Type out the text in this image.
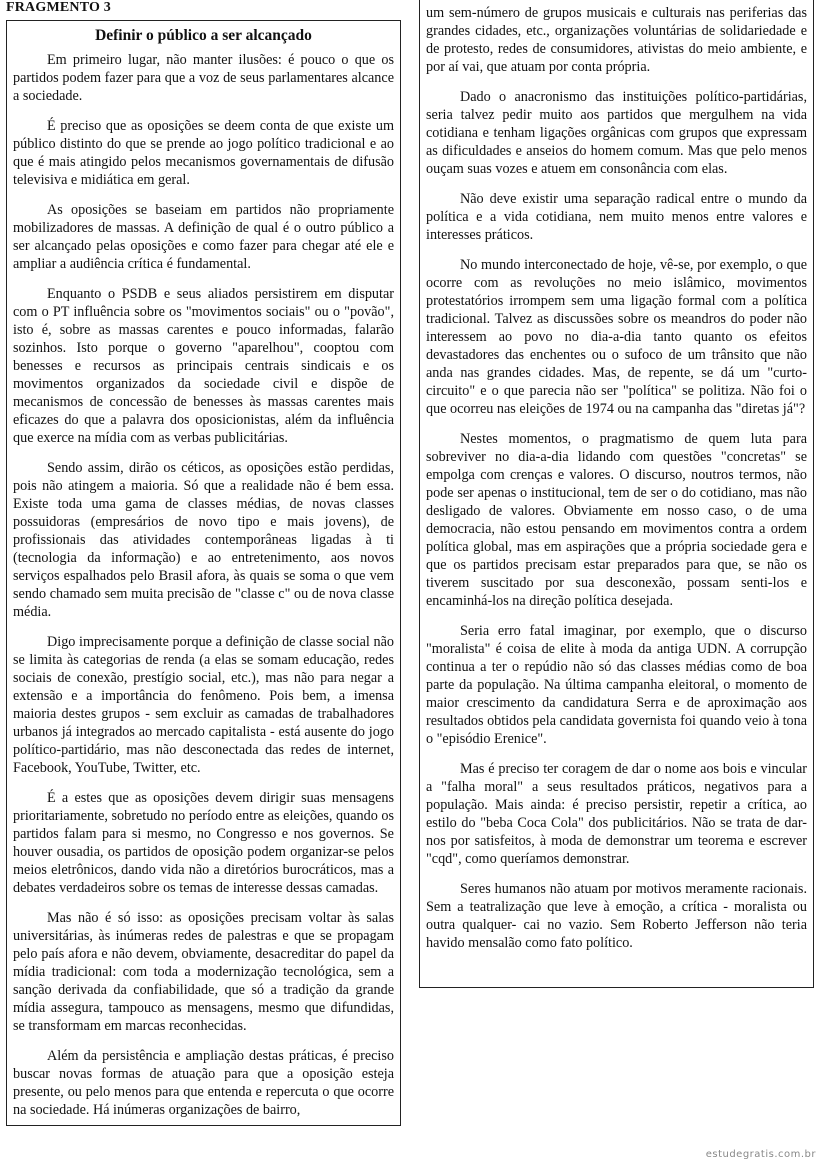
FRAGMENTO 3
Definir o público a ser alcançado

Em primeiro lugar, não manter ilusões: é pouco o que os partidos podem fazer para que a voz de seus parlamentares alcance a sociedade.

É preciso que as oposições se deem conta de que existe um público distinto do que se prende ao jogo político tradicional e ao que é mais atingido pelos mecanismos governamentais de difusão televisiva e midiática em geral.

As oposições se baseiam em partidos não propriamente mobilizadores de massas. A definição de qual é o outro público a ser alcançado pelas oposições e como fazer para chegar até ele e ampliar a audiência crítica é fundamental.

Enquanto o PSDB e seus aliados persistirem em disputar com o PT influência sobre os "movimentos sociais" ou o "povão", isto é, sobre as massas carentes e pouco informadas, falarão sozinhos. Isto porque o governo "aparelhou", cooptou com benesses e recursos as principais centrais sindicais e os movimentos organizados da sociedade civil e dispõe de mecanismos de concessão de benesses às massas carentes mais eficazes do que a palavra dos oposicionistas, além da influência que exerce na mídia com as verbas publicitárias.

Sendo assim, dirão os céticos, as oposições estão perdidas, pois não atingem a maioria. Só que a realidade não é bem essa. Existe toda uma gama de classes médias, de novas classes possuidoras (empresários de novo tipo e mais jovens), de profissionais das atividades contemporâneas ligadas à ti (tecnologia da informação) e ao entretenimento, aos novos serviços espalhados pelo Brasil afora, às quais se soma o que vem sendo chamado sem muita precisão de "classe c" ou de nova classe média.

Digo imprecisamente porque a definição de classe social não se limita às categorias de renda (a elas se somam educação, redes sociais de conexão, prestígio social, etc.), mas não para negar a extensão e a importância do fenômeno. Pois bem, a imensa maioria destes grupos - sem excluir as camadas de trabalhadores urbanos já integrados ao mercado capitalista - está ausente do jogo político-partidário, mas não desconectada das redes de internet, Facebook, YouTube, Twitter, etc.

É a estes que as oposições devem dirigir suas mensagens prioritariamente, sobretudo no período entre as eleições, quando os partidos falam para si mesmo, no Congresso e nos governos. Se houver ousadia, os partidos de oposição podem organizar-se pelos meios eletrônicos, dando vida não a diretórios burocráticos, mas a debates verdadeiros sobre os temas de interesse dessas camadas.

Mas não é só isso: as oposições precisam voltar às salas universitárias, às inúmeras redes de palestras e que se propagam pelo país afora e não devem, obviamente, desacreditar do papel da mídia tradicional: com toda a modernização tecnológica, sem a sanção derivada da confiabilidade, que só a tradição da grande mídia assegura, tampouco as mensagens, mesmo que difundidas, se transformam em marcas reconhecidas.

Além da persistência e ampliação destas práticas, é preciso buscar novas formas de atuação para que a oposição esteja presente, ou pelo menos para que entenda e repercuta o que ocorre na sociedade. Há inúmeras organizações de bairro,

um sem-número de grupos musicais e culturais nas periferias das grandes cidades, etc., organizações voluntárias de solidariedade e de protesto, redes de consumidores, ativistas do meio ambiente, e por aí vai, que atuam por conta própria.

Dado o anacronismo das instituições político-partidárias, seria talvez pedir muito aos partidos que mergulhem na vida cotidiana e tenham ligações orgânicas com grupos que expressam as dificuldades e anseios do homem comum. Mas que pelo menos ouçam suas vozes e atuem em consonância com elas.

Não deve existir uma separação radical entre o mundo da política e a vida cotidiana, nem muito menos entre valores e interesses práticos.

No mundo interconectado de hoje, vê-se, por exemplo, o que ocorre com as revoluções no meio islâmico, movimentos protestatórios irrompem sem uma ligação formal com a política tradicional. Talvez as discussões sobre os meandros do poder não interessem ao povo no dia-a-dia tanto quanto os efeitos devastadores das enchentes ou o sufoco de um trânsito que não anda nas grandes cidades. Mas, de repente, se dá um "curto-circuito" e o que parecia não ser "política" se politiza. Não foi o que ocorreu nas eleições de 1974 ou na campanha das "diretas já"?

Nestes momentos, o pragmatismo de quem luta para sobreviver no dia-a-dia lidando com questões "concretas" se empolga com crenças e valores. O discurso, noutros termos, não pode ser apenas o institucional, tem de ser o do cotidiano, mas não desligado de valores. Obviamente em nosso caso, o de uma democracia, não estou pensando em movimentos contra a ordem política global, mas em aspirações que a própria sociedade gera e que os partidos precisam estar preparados para que, se não os tiverem suscitado por sua desconexão, possam senti-los e encaminhá-los na direção política desejada.

Seria erro fatal imaginar, por exemplo, que o discurso "moralista" é coisa de elite à moda da antiga UDN. A corrupção continua a ter o repúdio não só das classes médias como de boa parte da população. Na última campanha eleitoral, o momento de maior crescimento da candidatura Serra e de aproximação aos resultados obtidos pela candidata governista foi quando veio à tona o "episódio Erenice".

Mas é preciso ter coragem de dar o nome aos bois e vincular a "falha moral" a seus resultados práticos, negativos para a população. Mais ainda: é preciso persistir, repetir a crítica, ao estilo do "beba Coca Cola" dos publicitários. Não se trata de dar-nos por satisfeitos, à moda de demonstrar um teorema e escrever "cqd", como queríamos demonstrar.

Seres humanos não atuam por motivos meramente racionais. Sem a teatralização que leve à emoção, a crítica - moralista ou outra qualquer- cai no vazio. Sem Roberto Jefferson não teria havido mensalão como fato político.

estudegratis.com.br
